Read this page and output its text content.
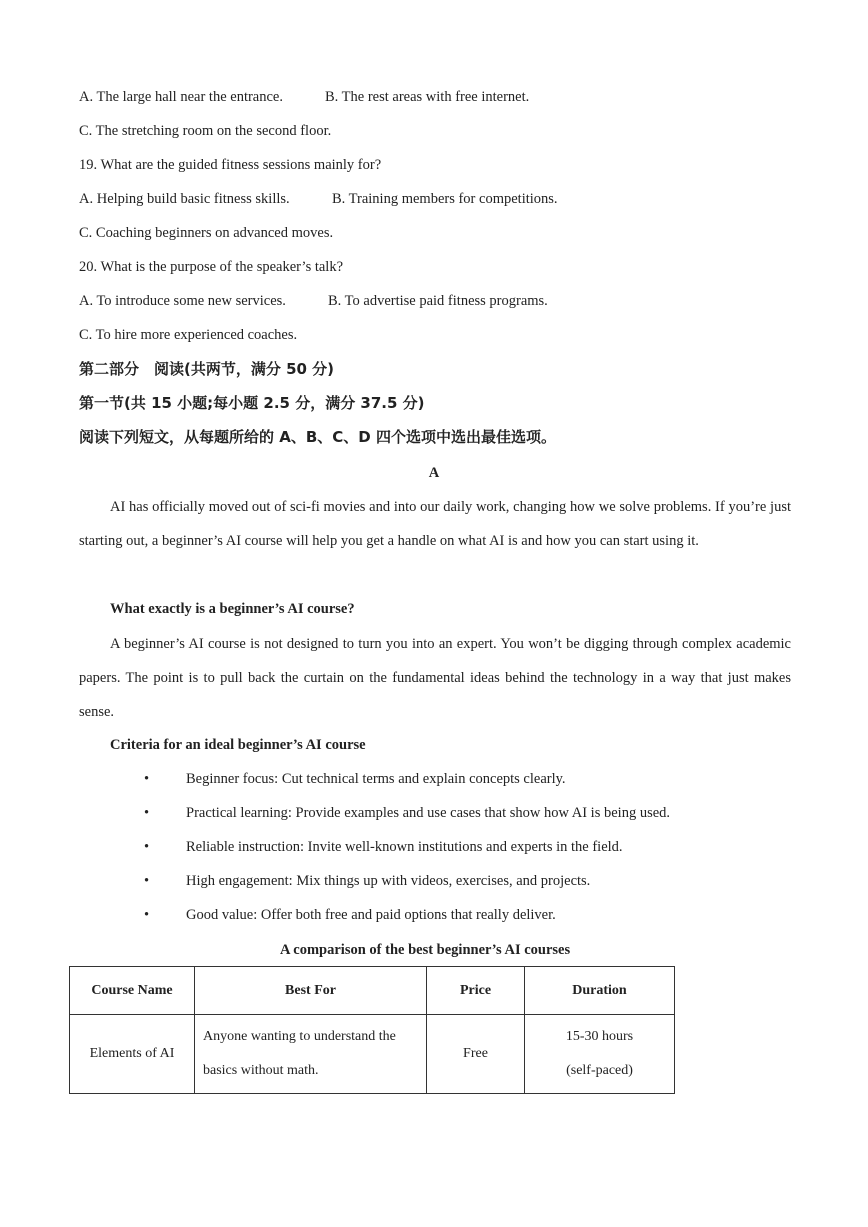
A. The large hall near the entrance.	B. The rest areas with free internet.
C. The stretching room on the second floor.
19. What are the guided fitness sessions mainly for?
A. Helping build basic fitness skills.	B. Training members for competitions.
C. Coaching beginners on advanced moves.
20. What is the purpose of the speaker’s talk?
A. To introduce some new services.	B. To advertise paid fitness programs.
C. To hire more experienced coaches.
第二部分　阅读(共两节，满分 50 分)
第一节(共 15 小题;每小题 2.5 分，满分 37.5 分)
阅读下列短文，从每题所给的 A、B、C、D 四个选项中选出最佳选项。
A
AI has officially moved out of sci-fi movies and into our daily work, changing how we solve problems. If you’re just starting out, a beginner’s AI course will help you get a handle on what AI is and how you can start using it.
What exactly is a beginner’s AI course?
A beginner’s AI course is not designed to turn you into an expert. You won’t be digging through complex academic papers. The point is to pull back the curtain on the fundamental ideas behind the technology in a way that just makes sense.
Criteria for an ideal beginner’s AI course
•	Beginner focus: Cut technical terms and explain concepts clearly.
•	Practical learning: Provide examples and use cases that show how AI is being used.
•	Reliable instruction: Invite well-known institutions and experts in the field.
•	High engagement: Mix things up with videos, exercises, and projects.
•	Good value: Offer both free and paid options that really deliver.
A comparison of the best beginner’s AI courses
Course Name	Best For	Price	Duration
Elements of AI	Anyone wanting to understand the basics without math.	Free	15-30 hours
(self-paced)
